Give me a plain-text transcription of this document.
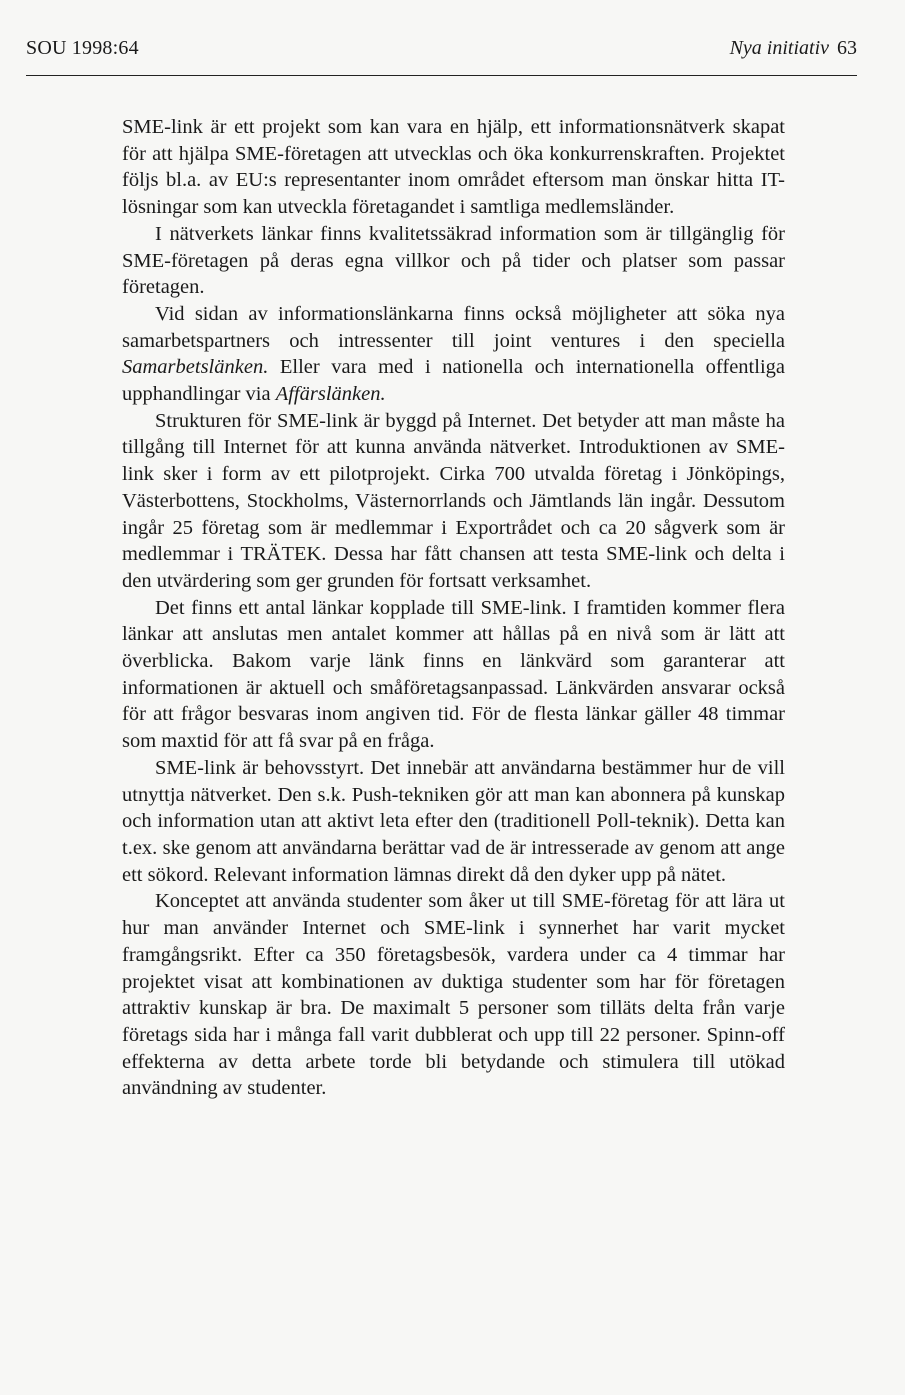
SOU 1998:64	Nya initiativ 63

SME-link är ett projekt som kan vara en hjälp, ett informationsnätverk skapat för att hjälpa SME-företagen att utvecklas och öka konkurrenskraften. Projektet följs bl.a. av EU:s representanter inom området eftersom man önskar hitta IT-lösningar som kan utveckla företagandet i samtliga medlemsländer.

I nätverkets länkar finns kvalitetssäkrad information som är tillgänglig för SME-företagen på deras egna villkor och på tider och platser som passar företagen.

Vid sidan av informationslänkarna finns också möjligheter att söka nya samarbetspartners och intressenter till joint ventures i den speciella Samarbetslänken. Eller vara med i nationella och internationella offentliga upphandlingar via Affärslänken.

Strukturen för SME-link är byggd på Internet. Det betyder att man måste ha tillgång till Internet för att kunna använda nätverket. Introduktionen av SME-link sker i form av ett pilotprojekt. Cirka 700 utvalda företag i Jönköpings, Västerbottens, Stockholms, Västernorrlands och Jämtlands län ingår. Dessutom ingår 25 företag som är medlemmar i Exportrådet och ca 20 sågverk som är medlemmar i TRÄTEK. Dessa har fått chansen att testa SME-link och delta i den utvärdering som ger grunden för fortsatt verksamhet.

Det finns ett antal länkar kopplade till SME-link. I framtiden kommer flera länkar att anslutas men antalet kommer att hållas på en nivå som är lätt att överblicka. Bakom varje länk finns en länkvärd som garanterar att informationen är aktuell och småföretagsanpassad. Länkvärden ansvarar också för att frågor besvaras inom angiven tid. För de flesta länkar gäller 48 timmar som maxtid för att få svar på en fråga.

SME-link är behovsstyrt. Det innebär att användarna bestämmer hur de vill utnyttja nätverket. Den s.k. Push-tekniken gör att man kan abonnera på kunskap och information utan att aktivt leta efter den (traditionell Poll-teknik). Detta kan t.ex. ske genom att användarna berättar vad de är intresserade av genom att ange ett sökord. Relevant information lämnas direkt då den dyker upp på nätet.

Konceptet att använda studenter som åker ut till SME-företag för att lära ut hur man använder Internet och SME-link i synnerhet har varit mycket framgångsrikt. Efter ca 350 företagsbesök, vardera under ca 4 timmar har projektet visat att kombinationen av duktiga studenter som har för företagen attraktiv kunskap är bra. De maximalt 5 personer som tilläts delta från varje företags sida har i många fall varit dubblerat och upp till 22 personer. Spinn-off effekterna av detta arbete torde bli betydande och stimulera till utökad användning av studenter.
